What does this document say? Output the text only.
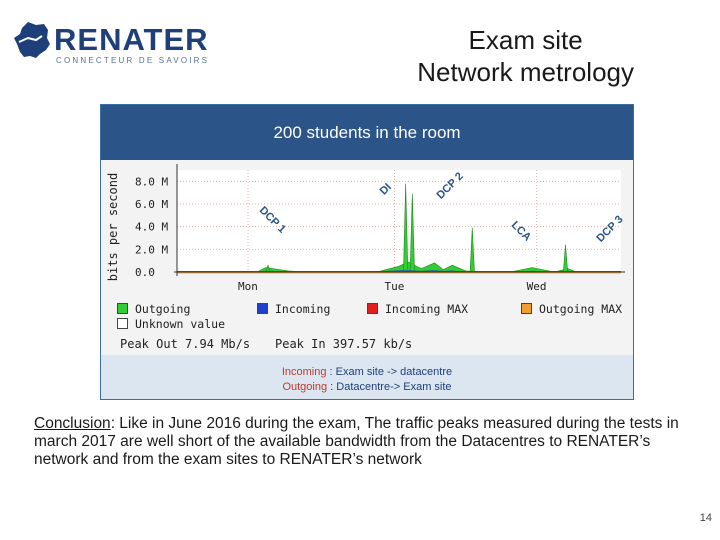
RENATER
CONNECTEUR DE SAVOIRS
Exam site
Network metrology
200 students in the room
8.0 M
6.0 M
4.0 M
2.0 M
0.0
Mon	Tue	Wed
bits per second	DCP 1
DI	DCP 2
LCA	DCP 3
Outgoing	Incoming	Incoming MAX	Outgoing MAX
Unknown value
Peak Out 7.94 Mb/s Peak In 397.57 kb/s
Incoming : Exam site -> datacentre
Outgoing : Datacentre-> Exam site
Conclusion: Like in June 2016 during the exam, The traffic peaks measured during the tests in march 2017 are well short of the available bandwidth from the Datacentres to RENATER’s network and from the exam sites to RENATER’s network
14
